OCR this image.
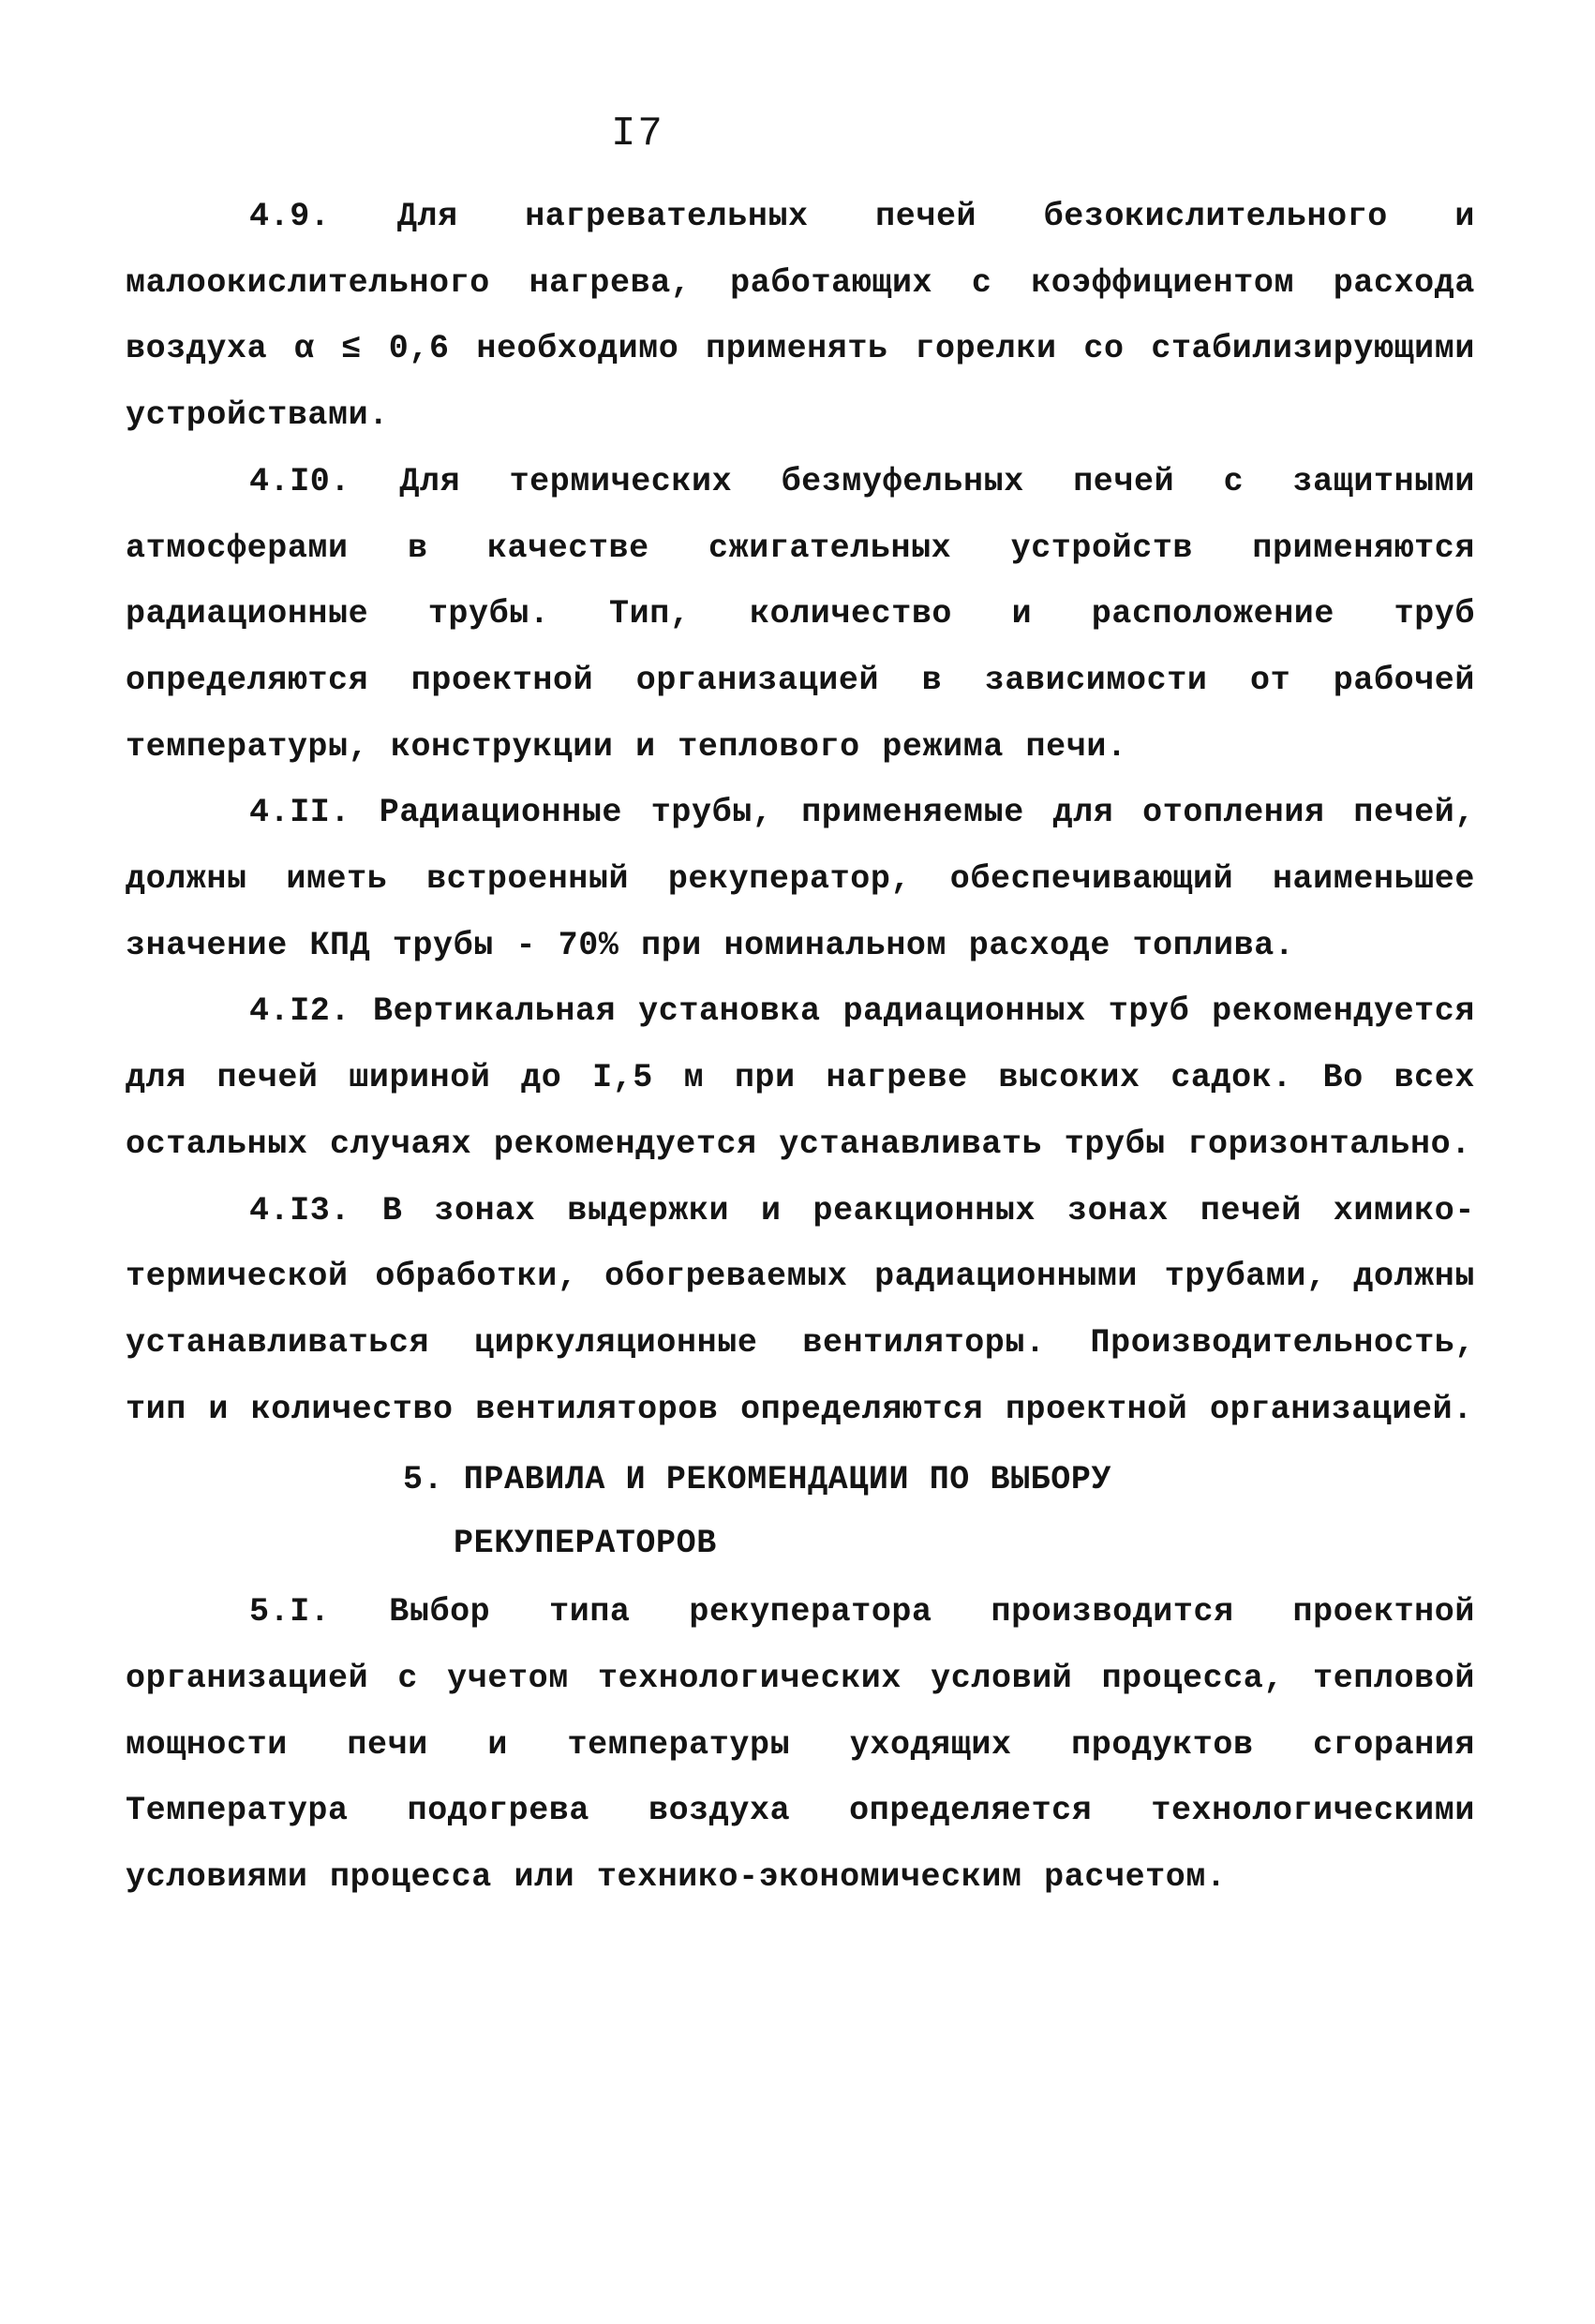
I7

4.9. Для нагревательных печей безокислительного и малоокислительного нагрева, работающих с коэффициентом расхода воздуха α ≤ 0,6 необходимо применять горелки со стабилизирующими устройствами.

4.I0. Для термических безмуфельных печей с защитными атмосферами в качестве сжигательных устройств применяются радиационные трубы. Тип, количество и расположение труб определяются проектной организацией в зависимости от рабочей температуры, конструкции и теплового режима печи.

4.II. Радиационные трубы, применяемые для отопления печей, должны иметь встроенный рекуператор, обеспечивающий наименьшее значение КПД трубы - 70% при номинальном расходе топлива.

4.I2. Вертикальная установка радиационных труб рекомендуется для печей шириной до I,5 м при нагреве высоких садок. Во всех остальных случаях рекомендуется устанавливать трубы горизонтально.

4.I3. В зонах выдержки и реакционных зонах печей химико-термической обработки, обогреваемых радиационными трубами, должны устанавливаться циркуляционные вентиляторы. Производительность, тип и количество вентиляторов определяются проектной организацией.

5. ПРАВИЛА И РЕКОМЕНДАЦИИ ПО ВЫБОРУ
РЕКУПЕРАТОРОВ

5.I. Выбор типа рекуператора производится проектной организацией с учетом технологических условий процесса, тепловой мощности печи и температуры уходящих продуктов сгорания Температура подогрева воздуха определяется технологическими условиями процесса или технико-экономическим расчетом.
